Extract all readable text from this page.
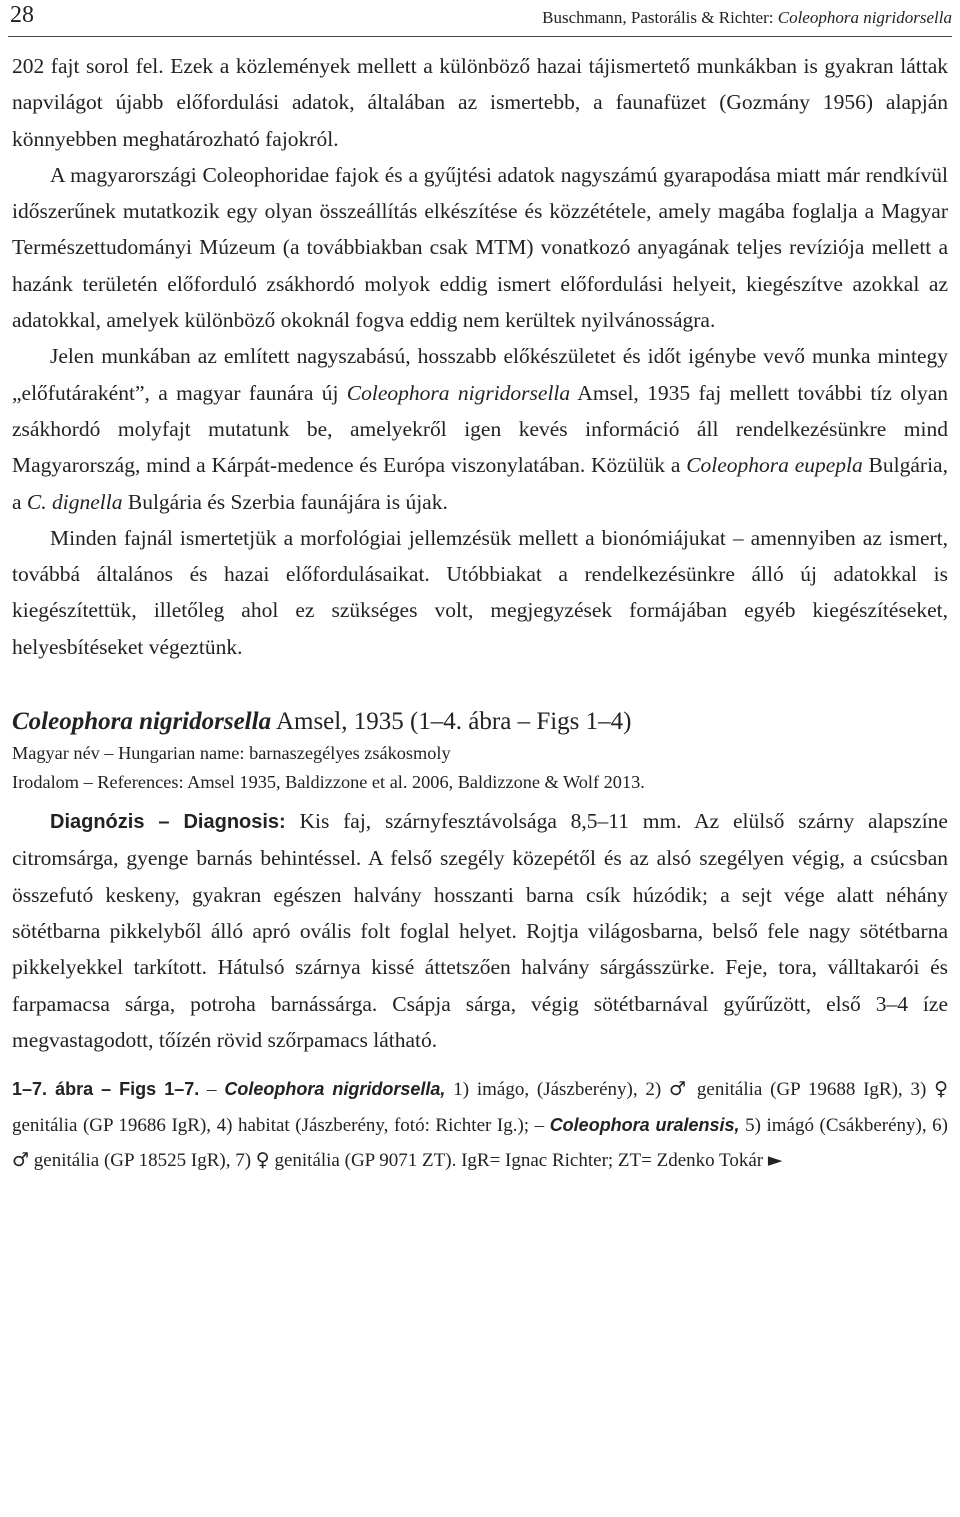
28	Buschmann, Pastorális & Richter: Coleophora nigridorsella

202 fajt sorol fel. Ezek a közlemények mellett a különböző hazai tájismertető munkákban is gyakran láttak napvilágot újabb előfordulási adatok, általában az ismertebb, a faunafüzet (Gozmány 1956) alapján könnyebben meghatározható fajokról.

A magyarországi Coleophoridae fajok és a gyűjtési adatok nagyszámú gyarapodása miatt már rendkívül időszerűnek mutatkozik egy olyan összeállítás elkészítése és közzététele, amely magába foglalja a Magyar Természettudományi Múzeum (a továbbiakban csak MTM) vonatkozó anyagának teljes revíziója mellett a hazánk területén előforduló zsákhordó molyok eddig ismert előfordulási helyeit, kiegészítve azokkal az adatokkal, amelyek különböző okoknál fogva eddig nem kerültek nyilvánosságra.

Jelen munkában az említett nagyszabású, hosszabb előkészületet és időt igénybe vevő munka mintegy „előfutáraként”, a magyar faunára új Coleophora nigridorsella Amsel, 1935 faj mellett további tíz olyan zsákhordó molyfajt mutatunk be, amelyekről igen kevés információ áll rendelkezésünkre mind Magyarország, mind a Kárpát-medence és Európa viszonylatában. Közülük a Coleophora eupepla Bulgária, a C. dignella Bulgária és Szerbia faunájára is újak.

Minden fajnál ismertetjük a morfológiai jellemzésük mellett a bionómiájukat – amennyiben az ismert, továbbá általános és hazai előfordulásaikat. Utóbbiakat a rendelkezésünkre álló új adatokkal is kiegészítettük, illetőleg ahol ez szükséges volt, megjegyzések formájában egyéb kiegészítéseket, helyesbítéseket végeztünk.

Coleophora nigridorsella Amsel, 1935 (1–4. ábra – Figs 1–4)

Magyar név – Hungarian name: barnaszegélyes zsákosmoly

Irodalom – References: Amsel 1935, Baldizzone et al. 2006, Baldizzone & Wolf 2013.

Diagnózis – Diagnosis: Kis faj, szárnyfesztávolsága 8,5–11 mm. Az elülső szárny alapszíne citromsárga, gyenge barnás behintéssel. A felső szegély közepétől és az alsó szegélyen végig, a csúcsban összefutó keskeny, gyakran egészen halvány hosszanti barna csík húzódik; a sejt vége alatt néhány sötétbarna pikkelyből álló apró ovális folt foglal helyet. Rojtja világosbarna, belső fele nagy sötétbarna pikkelyekkel tarkított. Hátulsó szárnya kissé áttetszően halvány sárgásszürke. Feje, tora, válltakarói és farpamacsa sárga, potroha barnássárga. Csápja sárga, végig sötétbarnával gyűrűzött, első 3–4 íze megvastagodott, tőízén rövid szőrpamacs látható.

1–7. ábra – Figs 1–7. – Coleophora nigridorsella, 1) imágo, (Jászberény), 2) ♂ genitália (GP 19688 IgR), 3) ♀ genitália (GP 19686 IgR), 4) habitat (Jászberény, fotó: Richter Ig.); – Coleophora uralensis, 5) imágó (Csákberény), 6) ♂ genitália (GP 18525 IgR), 7) ♀ genitália (GP 9071 ZT). IgR= Ignac Richter; ZT= Zdenko Tokár ►
